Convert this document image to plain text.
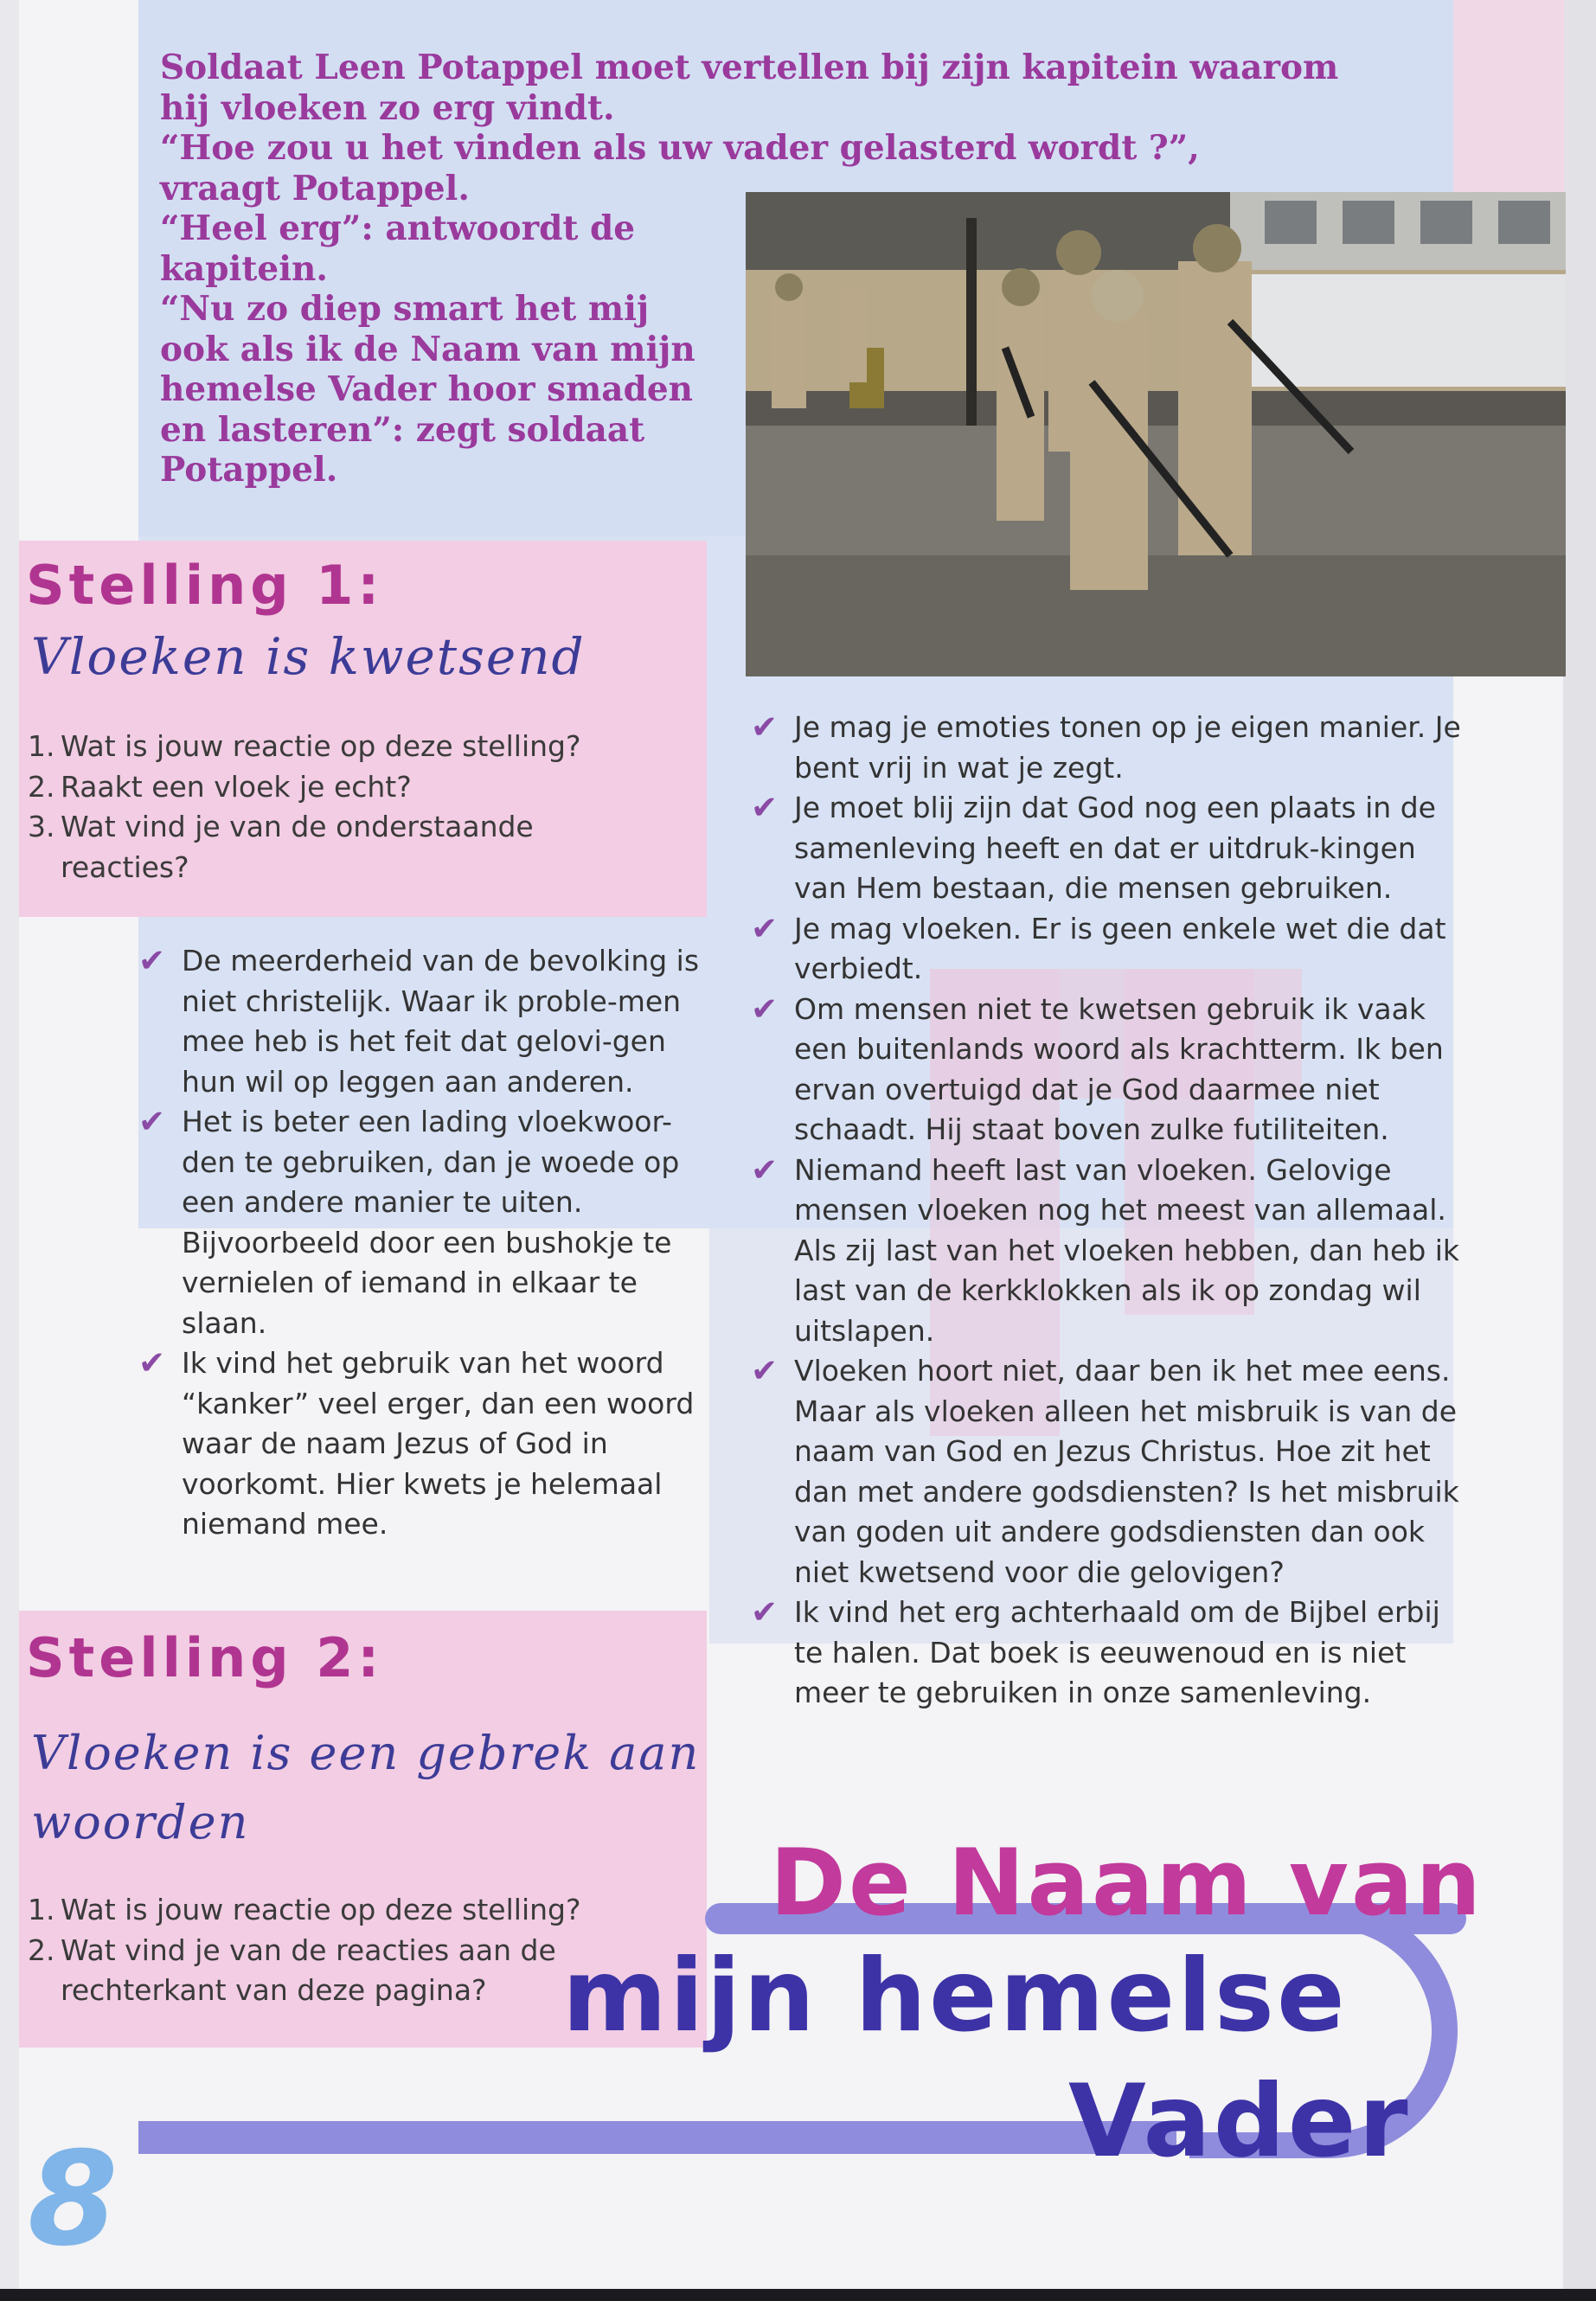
Soldaat Leen Potappel moet vertellen bij zijn kapitein waarom
hij vloeken zo erg vindt.
“Hoe zou u het vinden als uw vader gelasterd wordt ?”,
vraagt Potappel.
“Heel erg”: antwoordt de
kapitein.
“Nu zo diep smart het mij
ook als ik de Naam van mijn
hemelse Vader hoor smaden
en lasteren”: zegt soldaat
Potappel.
Stelling 1:
Vloeken is kwetsend
1. Wat is jouw reactie op deze stelling?
2. Raakt een vloek je echt?
3. Wat vind je van de onderstaande reacties?
✔ De meerderheid van de bevolking is niet christelijk. Waar ik proble-men mee heb is het feit dat gelovi-gen hun wil op leggen aan anderen.
✔ Het is beter een lading vloekwoor-den te gebruiken, dan je woede op een andere manier te uiten. Bijvoorbeeld door een bushokje te vernielen of iemand in elkaar te slaan.
✔ Ik vind het gebruik van het woord “kanker” veel erger, dan een woord waar de naam Jezus of God in voorkomt. Hier kwets je helemaal niemand mee.
Stelling 2:
Vloeken is een gebrek aan
woorden
1. Wat is jouw reactie op deze stelling?
2. Wat vind je van de reacties aan de rechterkant van deze pagina?
✔ Je mag je emoties tonen op je eigen manier. Je bent vrij in wat je zegt.
✔ Je moet blij zijn dat God nog een plaats in de samenleving heeft en dat er uitdruk-kingen van Hem bestaan, die mensen gebruiken.
✔ Je mag vloeken. Er is geen enkele wet die dat verbiedt.
✔ Om mensen niet te kwetsen gebruik ik vaak een buitenlands woord als krachtterm. Ik ben ervan overtuigd dat je God daarmee niet schaadt. Hij staat boven zulke futiliteiten.
✔ Niemand heeft last van vloeken. Gelovige mensen vloeken nog het meest van allemaal. Als zij last van het vloeken hebben, dan heb ik last van de kerkklokken als ik op zondag wil uitslapen.
✔ Vloeken hoort niet, daar ben ik het mee eens. Maar als vloeken alleen het misbruik is van de naam van God en Jezus Christus. Hoe zit het dan met andere godsdiensten? Is het misbruik van goden uit andere godsdiensten dan ook niet kwetsend voor die gelovigen?
✔ Ik vind het erg achterhaald om de Bijbel erbij te halen. Dat boek is eeuwenoud en is niet meer te gebruiken in onze samenleving.
De Naam van
mijn hemelse
Vader
8
